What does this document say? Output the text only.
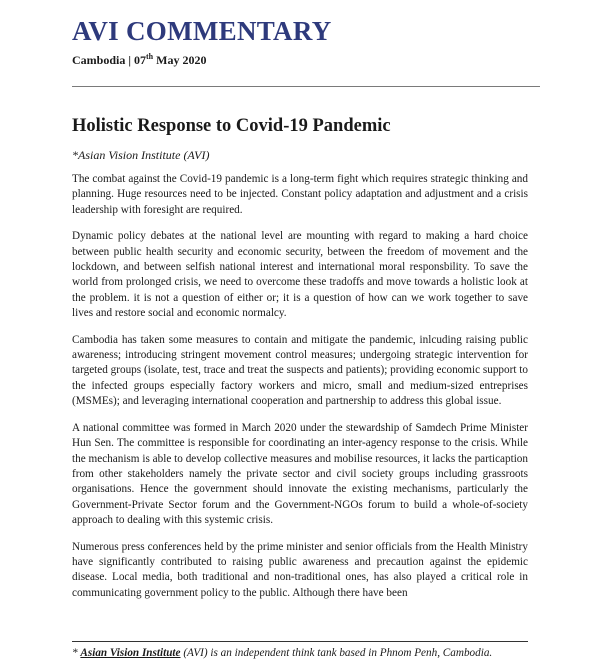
AVI COMMENTARY
Cambodia | 07th May 2020
Holistic Response to Covid-19 Pandemic
*Asian Vision Institute (AVI)

The combat against the Covid-19 pandemic is a long-term fight which requires strategic thinking and planning. Huge resources need to be injected. Constant policy adaptation and adjustment and a crisis leadership with foresight are required.

Dynamic policy debates at the national level are mounting with regard to making a hard choice between public health security and economic security, between the freedom of movement and the lockdown, and between selfish national interest and international moral responsbility. To save the world from prolonged crisis, we need to overcome these tradoffs and move towards a holistic look at the problem. it is not a question of either or; it is a question of how can we work together to save lives and restore social and economic normalcy.

Cambodia has taken some measures to contain and mitigate the pandemic, inlcuding raising public awareness; introducing stringent movement control measures; undergoing strategic intervention for targeted groups (isolate, test, trace and treat the suspects and patients); providing economic support to the infected groups especially factory workers and micro, small and medium-sized entreprises (MSMEs); and leveraging international cooperation and partnership to address this global issue.

A national committee was formed in March 2020 under the stewardship of Samdech Prime Minister Hun Sen. The committee is responsible for coordinating an inter-agency response to the crisis. While the mechanism is able to develop collective measures and mobilise resources, it lacks the particaption from other stakeholders namely the private sector and civil society groups including grassroots organisations. Hence the government should innovate the existing mechanisms, particularly the Government-Private Sector forum and the Government-NGOs forum to build a whole-of-society approach to dealing with this systemic crisis.

Numerous press conferences held by the prime minister and senior officials from the Health Ministry have significantly contributed to raising public awareness and precaution against the epidemic disease. Local media, both traditional and non-traditional ones, has also played a critical role in communicating government policy to the public. Although there have been

* Asian Vision Institute (AVI) is an independent think tank based in Phnom Penh, Cambodia.
